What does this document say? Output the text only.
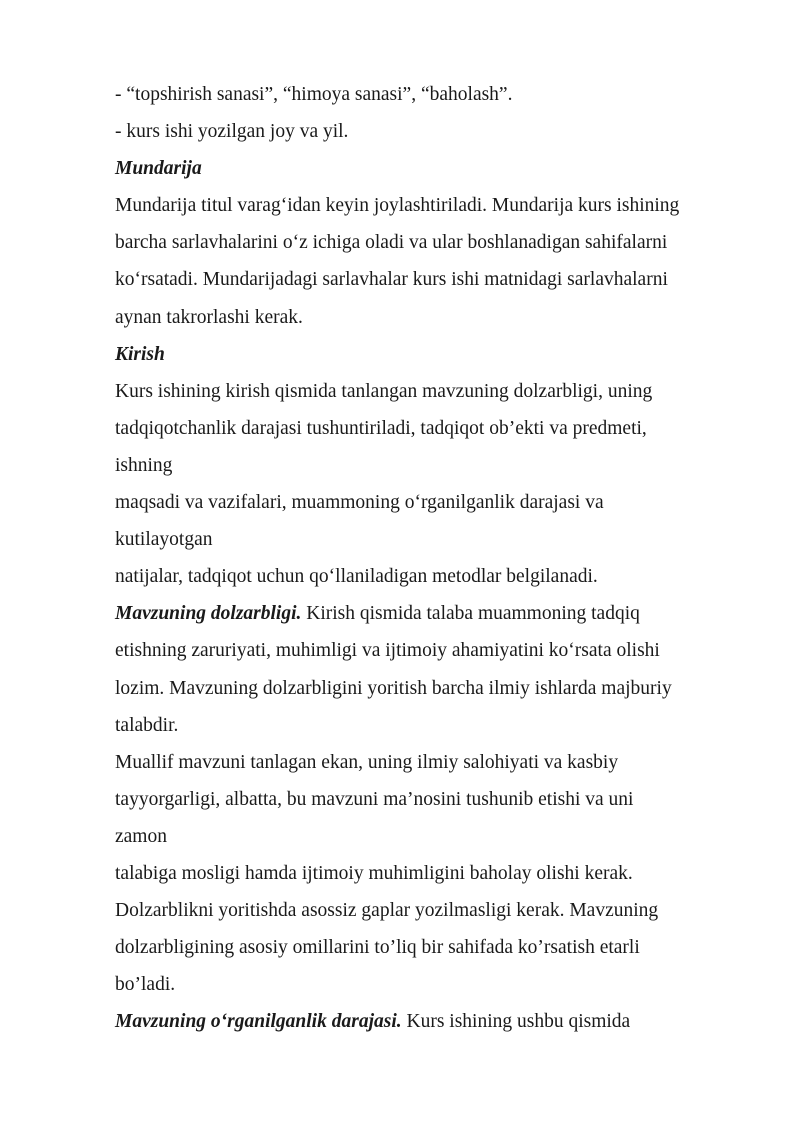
- “topshirish sanasi”, “himoya sanasi”, “baholash”.
- kurs ishi yozilgan joy va yil.
Mundarija
Mundarija titul varag‘idan keyin joylashtiriladi. Mundarija kurs ishining
barcha sarlavhalarini o‘z ichiga oladi va ular boshlanadigan sahifalarni
ko‘rsatadi. Mundarijadagi sarlavhalar kurs ishi matnidagi sarlavhalarni
aynan takrorlashi kerak.
Kirish
Kurs ishining kirish qismida tanlangan mavzuning dolzarbligi, uning
tadqiqotchanlik darajasi tushuntiriladi, tadqiqot ob’ekti va predmeti,
ishning
maqsadi va vazifalari, muammoning o‘rganilganlik darajasi va
kutilayotgan
natijalar, tadqiqot uchun qo‘llaniladigan metodlar belgilanadi.
Mavzuning dolzarbligi. Kirish qismida talaba muammoning tadqiq
etishning zaruriyati, muhimligi va ijtimoiy ahamiyatini ko‘rsata olishi
lozim. Mavzuning dolzarbligini yoritish barcha ilmiy ishlarda majburiy
talabdir.
Muallif mavzuni tanlagan ekan, uning ilmiy salohiyati va kasbiy
tayyorgarligi, albatta, bu mavzuni ma’nosini tushunib etishi va uni
zamon
talabiga mosligi hamda ijtimoiy muhimligini baholay olishi kerak.
Dolzarblikni yoritishda asossiz gaplar yozilmasligi kerak. Mavzuning
dolzarbligining asosiy omillarini to’liq bir sahifada ko’rsatish etarli
bo’ladi.
Mavzuning o‘rganilganlik darajasi. Kurs ishining ushbu qismida
